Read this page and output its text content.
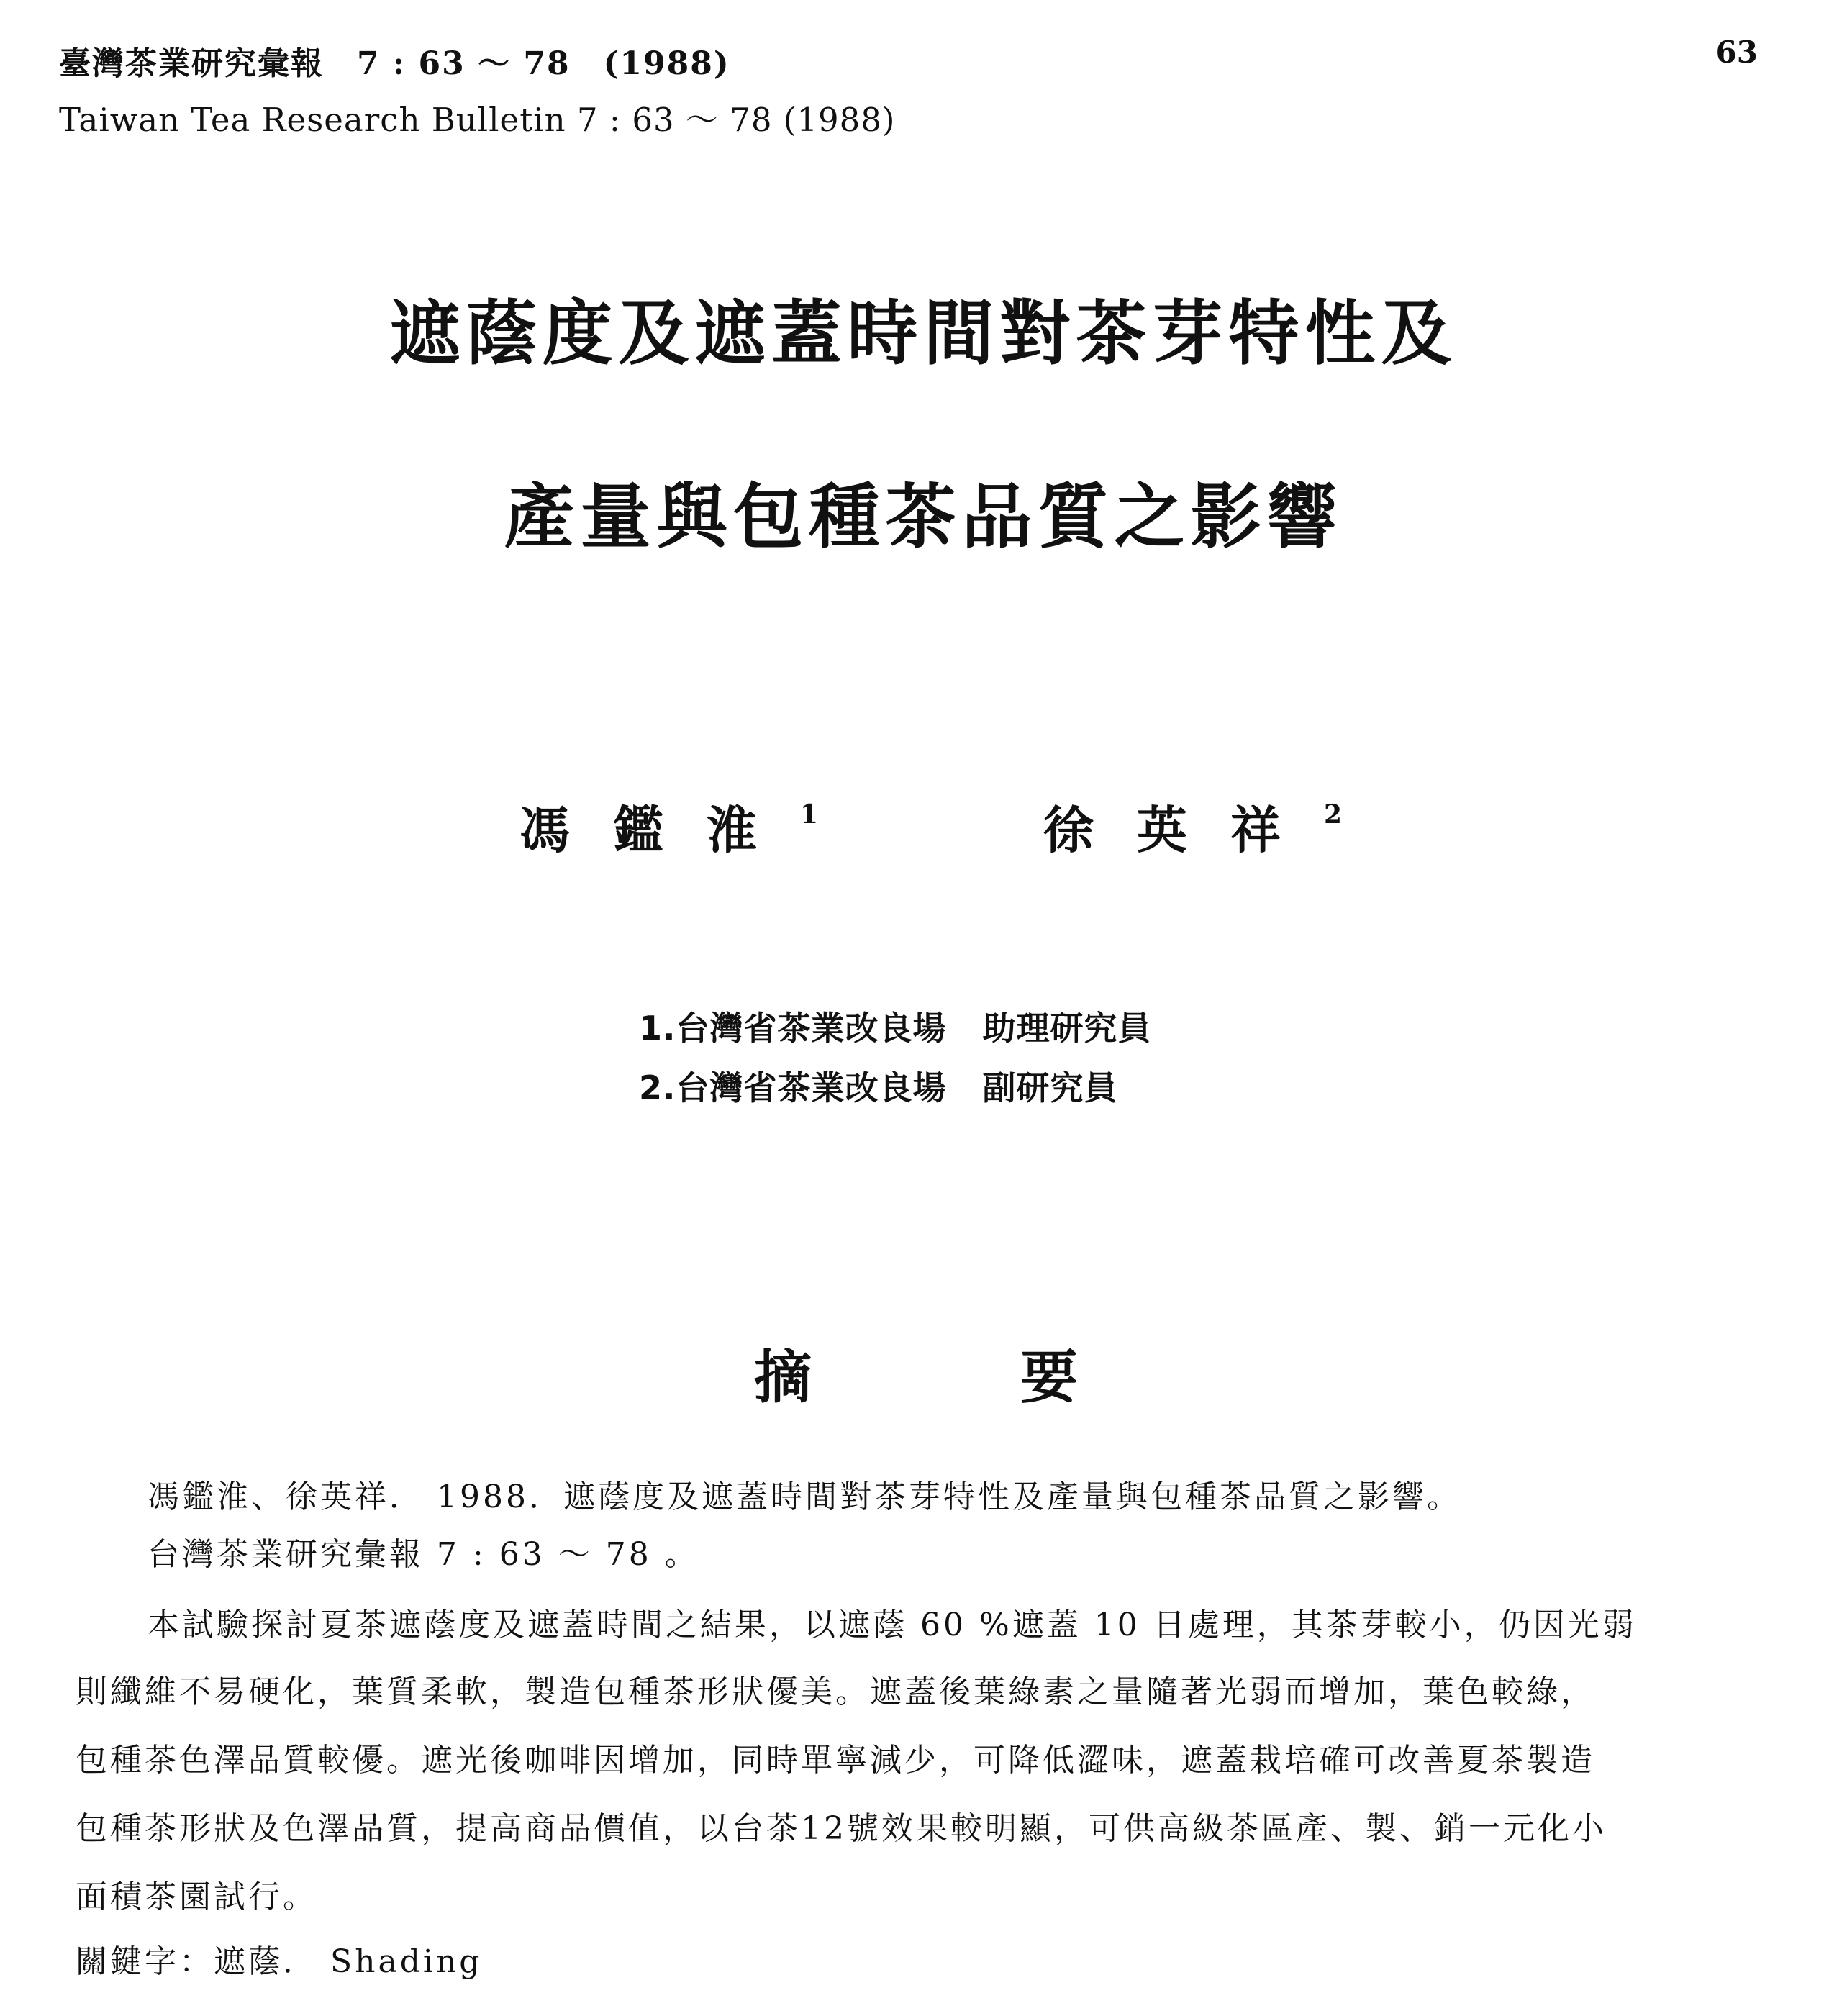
臺灣茶業研究彙報　7 : 63 ～ 78　(1988)
Taiwan Tea Research Bulletin 7 : 63 ～ 78 (1988)
63
遮蔭度及遮蓋時間對茶芽特性及
產量與包種茶品質之影響
馮鑑淮$^1$	徐英祥$^2$
1.台灣省茶業改良場 助理研究員
2.台灣省茶業改良場 副研究員
摘	要
馮鑑淮、徐英祥． 1988．遮蔭度及遮蓋時間對茶芽特性及產量與包種茶品質之影響。
台灣茶業研究彙報 7 : 63 ～ 78 。
本試驗探討夏茶遮蔭度及遮蓋時間之結果，以遮蔭 60 %遮蓋 10 日處理，其茶芽較小，仍因光弱
則纖維不易硬化，葉質柔軟，製造包種茶形狀優美。遮蓋後葉綠素之量隨著光弱而增加，葉色較綠，
包種茶色澤品質較優。遮光後咖啡因增加，同時單寧減少，可降低澀味，遮蓋栽培確可改善夏茶製造
包種茶形狀及色澤品質，提高商品價值，以台茶12號效果較明顯，可供高級茶區產、製、銷一元化小
面積茶園試行。
關鍵字：遮蔭． Shading
